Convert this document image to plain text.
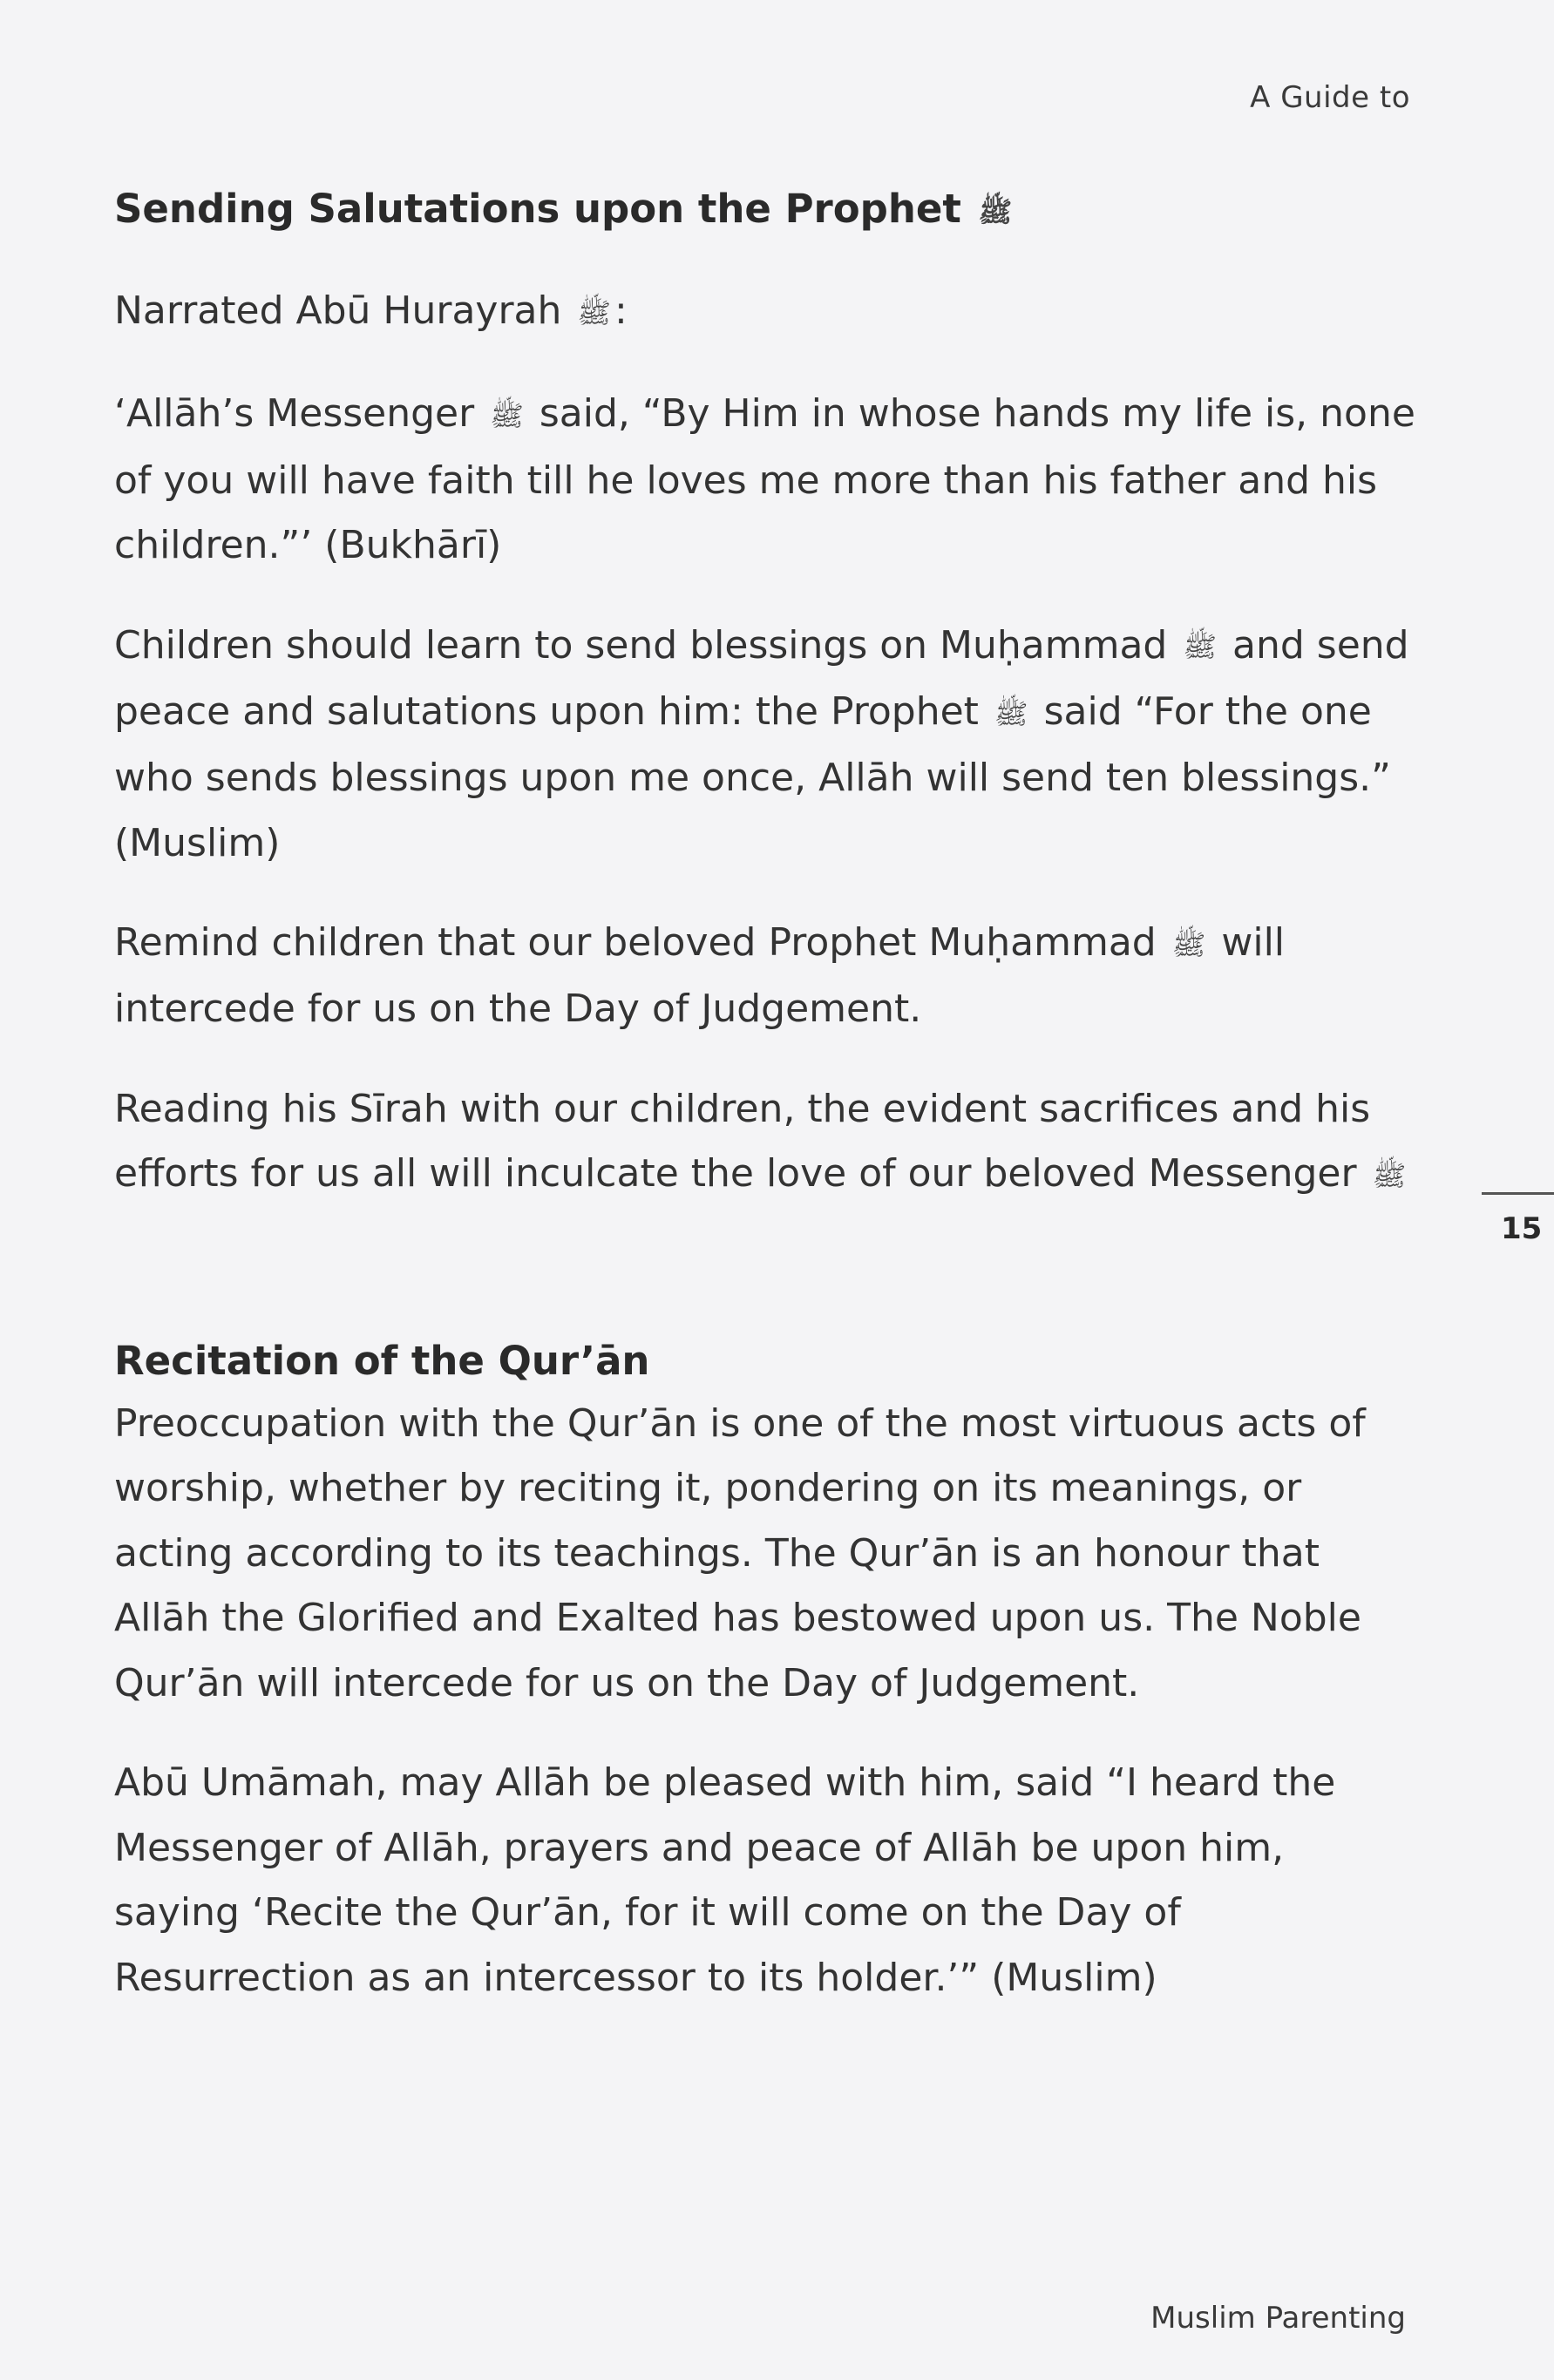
A Guide to
Sending Salutations upon the Prophet ﷺ

Narrated Abū Hurayrah ﷺ:

‘Allāh’s Messenger ﷺ said, “By Him in whose hands my life is, none of you will have faith till he loves me more than his father and his children.”’ (Bukhārī)

Children should learn to send blessings on Muḥammad ﷺ and send peace and salutations upon him: the Prophet ﷺ said “For the one who sends blessings upon me once, Allāh will send ten blessings.” (Muslim)

Remind children that our beloved Prophet Muḥammad ﷺ will intercede for us on the Day of Judgement.

Reading his Sīrah with our children, the evident sacrifices and his efforts for us all will inculcate the love of our beloved Messenger ﷺ

Recitation of the Qur’ān

Preoccupation with the Qur’ān is one of the most virtuous acts of worship, whether by reciting it, pondering on its meanings, or acting according to its teachings. The Qur’ān is an honour that Allāh the Glorified and Exalted has bestowed upon us. The Noble Qur’ān will intercede for us on the Day of Judgement.

Abū Umāmah, may Allāh be pleased with him, said “I heard the Messenger of Allāh, prayers and peace of Allāh be upon him, saying ‘Recite the Qur’ān, for it will come on the Day of Resurrection as an intercessor to its holder.’” (Muslim)

15
Muslim Parenting
